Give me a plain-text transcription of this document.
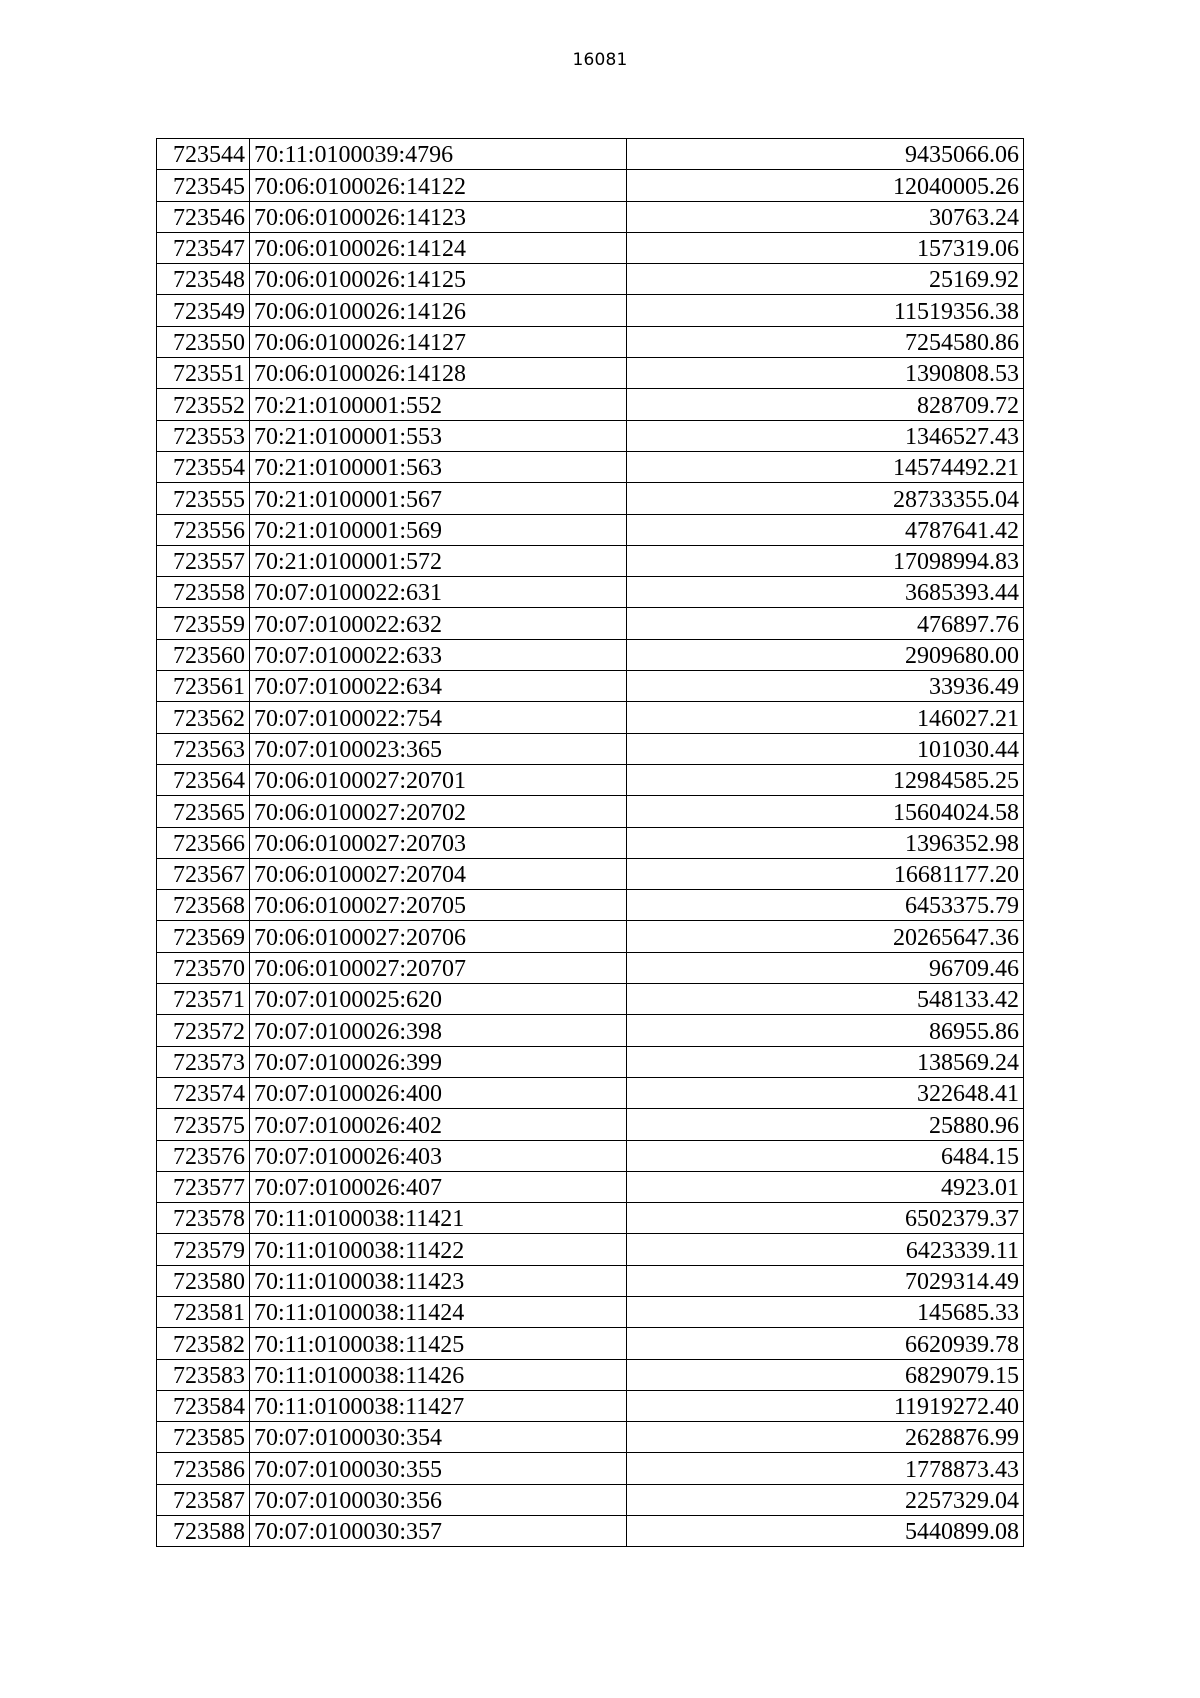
16081
723544	70:11:0100039:4796	9435066.06
723545	70:06:0100026:14122	12040005.26
723546	70:06:0100026:14123	30763.24
723547	70:06:0100026:14124	157319.06
723548	70:06:0100026:14125	25169.92
723549	70:06:0100026:14126	11519356.38
723550	70:06:0100026:14127	7254580.86
723551	70:06:0100026:14128	1390808.53
723552	70:21:0100001:552	828709.72
723553	70:21:0100001:553	1346527.43
723554	70:21:0100001:563	14574492.21
723555	70:21:0100001:567	28733355.04
723556	70:21:0100001:569	4787641.42
723557	70:21:0100001:572	17098994.83
723558	70:07:0100022:631	3685393.44
723559	70:07:0100022:632	476897.76
723560	70:07:0100022:633	2909680.00
723561	70:07:0100022:634	33936.49
723562	70:07:0100022:754	146027.21
723563	70:07:0100023:365	101030.44
723564	70:06:0100027:20701	12984585.25
723565	70:06:0100027:20702	15604024.58
723566	70:06:0100027:20703	1396352.98
723567	70:06:0100027:20704	16681177.20
723568	70:06:0100027:20705	6453375.79
723569	70:06:0100027:20706	20265647.36
723570	70:06:0100027:20707	96709.46
723571	70:07:0100025:620	548133.42
723572	70:07:0100026:398	86955.86
723573	70:07:0100026:399	138569.24
723574	70:07:0100026:400	322648.41
723575	70:07:0100026:402	25880.96
723576	70:07:0100026:403	6484.15
723577	70:07:0100026:407	4923.01
723578	70:11:0100038:11421	6502379.37
723579	70:11:0100038:11422	6423339.11
723580	70:11:0100038:11423	7029314.49
723581	70:11:0100038:11424	145685.33
723582	70:11:0100038:11425	6620939.78
723583	70:11:0100038:11426	6829079.15
723584	70:11:0100038:11427	11919272.40
723585	70:07:0100030:354	2628876.99
723586	70:07:0100030:355	1778873.43
723587	70:07:0100030:356	2257329.04
723588	70:07:0100030:357	5440899.08
